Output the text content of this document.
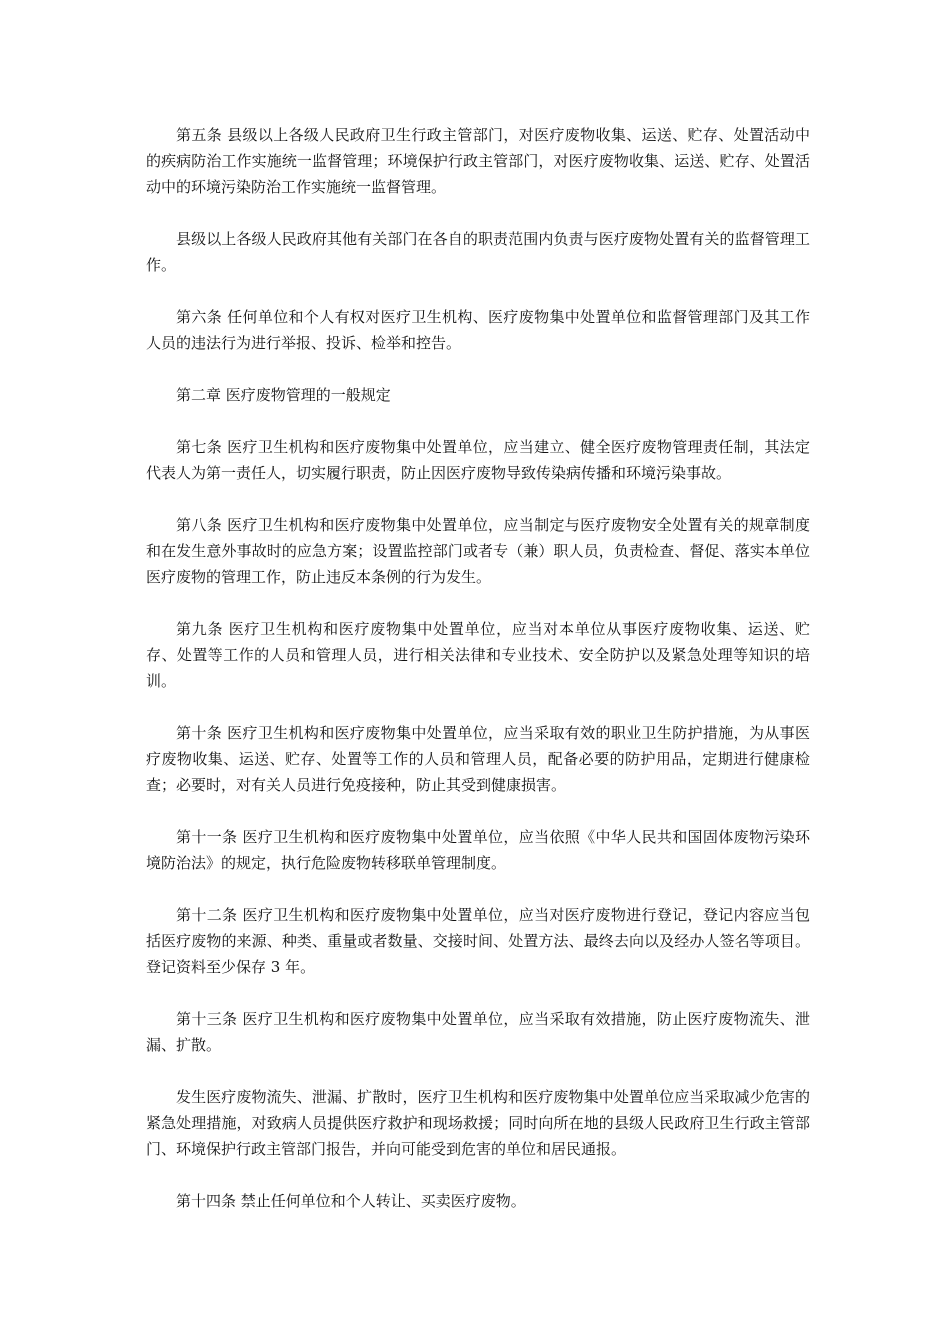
第五条 县级以上各级人民政府卫生行政主管部门，对医疗废物收集、运送、贮存、处置活动中的疾病防治工作实施统一监督管理；环境保护行政主管部门，对医疗废物收集、运送、贮存、处置活动中的环境污染防治工作实施统一监督管理。

县级以上各级人民政府其他有关部门在各自的职责范围内负责与医疗废物处置有关的监督管理工作。

第六条 任何单位和个人有权对医疗卫生机构、医疗废物集中处置单位和监督管理部门及其工作人员的违法行为进行举报、投诉、检举和控告。

第二章 医疗废物管理的一般规定

第七条 医疗卫生机构和医疗废物集中处置单位，应当建立、健全医疗废物管理责任制，其法定代表人为第一责任人，切实履行职责，防止因医疗废物导致传染病传播和环境污染事故。

第八条 医疗卫生机构和医疗废物集中处置单位，应当制定与医疗废物安全处置有关的规章制度和在发生意外事故时的应急方案；设置监控部门或者专（兼）职人员，负责检查、督促、落实本单位医疗废物的管理工作，防止违反本条例的行为发生。

第九条 医疗卫生机构和医疗废物集中处置单位，应当对本单位从事医疗废物收集、运送、贮存、处置等工作的人员和管理人员，进行相关法律和专业技术、安全防护以及紧急处理等知识的培训。

第十条 医疗卫生机构和医疗废物集中处置单位，应当采取有效的职业卫生防护措施，为从事医疗废物收集、运送、贮存、处置等工作的人员和管理人员，配备必要的防护用品，定期进行健康检查；必要时，对有关人员进行免疫接种，防止其受到健康损害。

第十一条 医疗卫生机构和医疗废物集中处置单位，应当依照《中华人民共和国固体废物污染环境防治法》的规定，执行危险废物转移联单管理制度。

第十二条 医疗卫生机构和医疗废物集中处置单位，应当对医疗废物进行登记，登记内容应当包括医疗废物的来源、种类、重量或者数量、交接时间、处置方法、最终去向以及经办人签名等项目。登记资料至少保存 3 年。

第十三条 医疗卫生机构和医疗废物集中处置单位，应当采取有效措施，防止医疗废物流失、泄漏、扩散。

发生医疗废物流失、泄漏、扩散时，医疗卫生机构和医疗废物集中处置单位应当采取减少危害的紧急处理措施，对致病人员提供医疗救护和现场救援；同时向所在地的县级人民政府卫生行政主管部门、环境保护行政主管部门报告，并向可能受到危害的单位和居民通报。

第十四条 禁止任何单位和个人转让、买卖医疗废物。
